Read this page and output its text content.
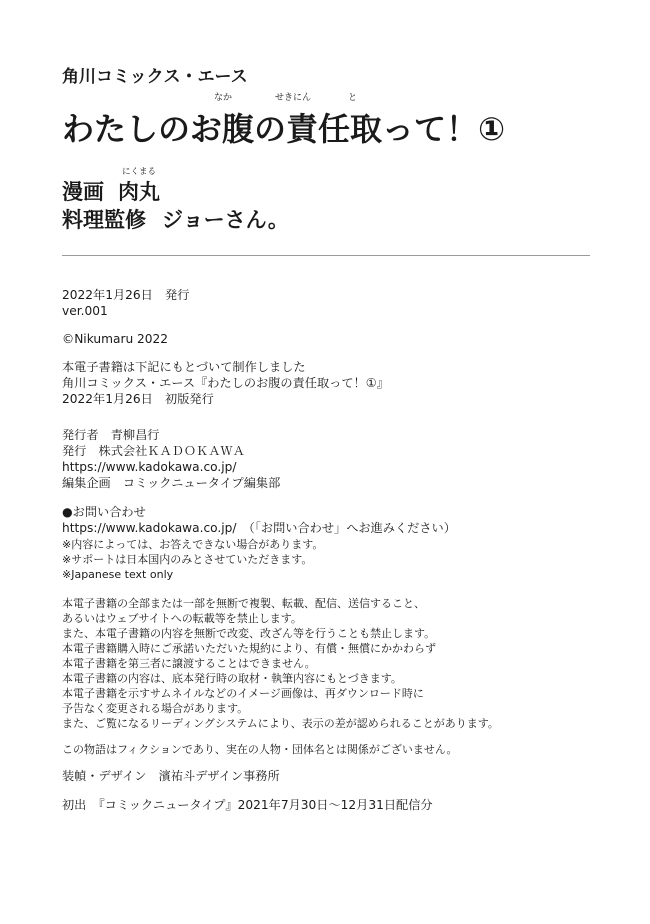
角川コミックス・エース
なか	せきにん	と
わたしのお腹の責任取って！①
にくまる
漫画 肉丸
料理監修 ジョーさん。
2022年1月26日　発行
ver.001
©Nikumaru 2022
本電子書籍は下記にもとづいて制作しました
角川コミックス・エース『わたしのお腹の責任取って！①』
2022年1月26日　初版発行
発行者　青柳昌行
発行　株式会社ＫＡＤＯＫＡＷＡ
https://www.kadokawa.co.jp/
編集企画　コミックニュータイプ編集部
●お問い合わせ
https://www.kadokawa.co.jp/　（「お問い合わせ」へお進みください）
※内容によっては、お答えできない場合があります。
※サポートは日本国内のみとさせていただきます。
※Japanese text only
本電子書籍の全部または一部を無断で複製、転載、配信、送信すること、
あるいはウェブサイトへの転載等を禁止します。
また、本電子書籍の内容を無断で改変、改ざん等を行うことも禁止します。
本電子書籍購入時にご承諾いただいた規約により、有償・無償にかかわらず
本電子書籍を第三者に譲渡することはできません。
本電子書籍の内容は、底本発行時の取材・執筆内容にもとづきます。
本電子書籍を示すサムネイルなどのイメージ画像は、再ダウンロード時に
予告なく変更される場合があります。
また、ご覧になるリーディングシステムにより、表示の差が認められることがあります。
この物語はフィクションであり、実在の人物・団体名とは関係がございません。
装幀・デザイン　濱祐斗デザイン事務所
初出　『コミックニュータイプ』2021年7月30日〜12月31日配信分
